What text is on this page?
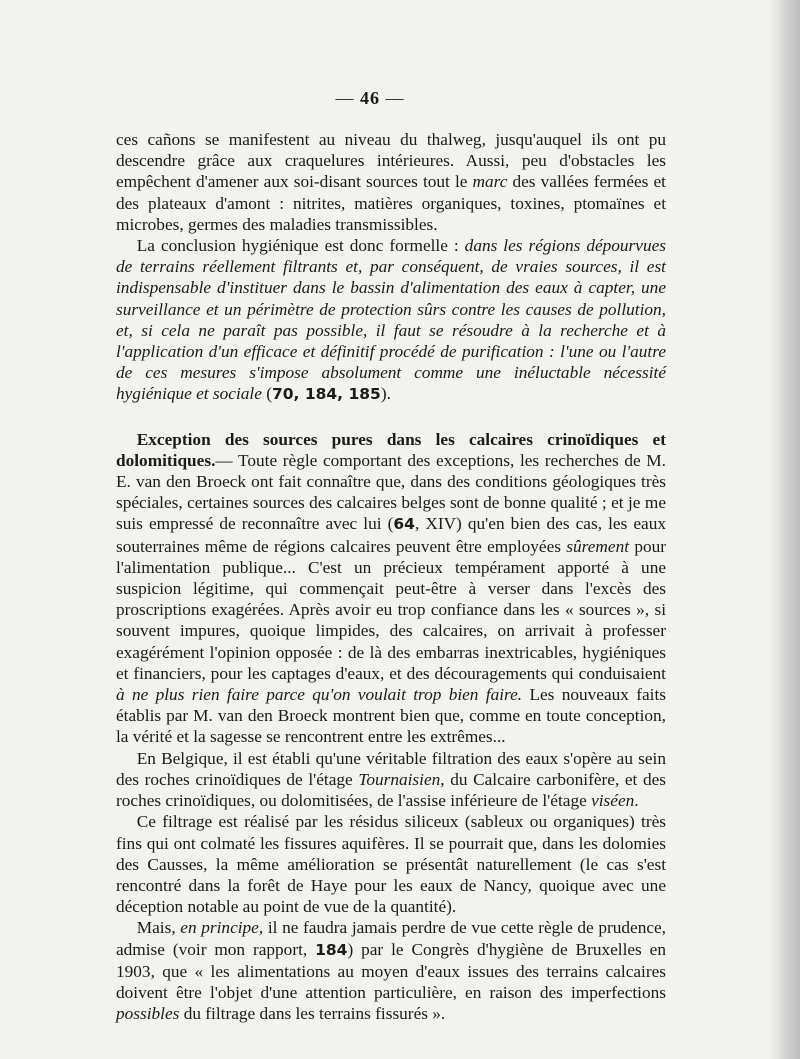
— 46 —

ces cañons se manifestent au niveau du thalweg, jusqu'auquel ils ont pu descendre grâce aux craquelures intérieures. Aussi, peu d'obstacles les empêchent d'amener aux soi-disant sources tout le marc des vallées fermées et des plateaux d'amont : nitrites, matières organiques, toxines, ptomaïnes et microbes, germes des maladies transmissibles.

La conclusion hygiénique est donc formelle : dans les régions dépourvues de terrains réellement filtrants et, par conséquent, de vraies sources, il est indispensable d'instituer dans le bassin d'alimentation des eaux à capter, une surveillance et un périmètre de protection sûrs contre les causes de pollution, et, si cela ne paraît pas possible, il faut se résoudre à la recherche et à l'application d'un efficace et définitif procédé de purification : l'une ou l'autre de ces mesures s'impose absolument comme une inéluctable nécessité hygiénique et sociale (70, 184, 185).

Exception des sources pures dans les calcaires crinoïdiques et dolomitiques.— Toute règle comportant des exceptions, les recherches de M. E. van den Broeck ont fait connaître que, dans des conditions géologiques très spéciales, certaines sources des calcaires belges sont de bonne qualité ; et je me suis empressé de reconnaître avec lui (64, XIV) qu'en bien des cas, les eaux souterraines même de régions calcaires peuvent être employées sûrement pour l'alimentation publique... C'est un précieux tempérament apporté à une suspicion légitime, qui commençait peut-être à verser dans l'excès des proscriptions exagérées. Après avoir eu trop confiance dans les « sources », si souvent impures, quoique limpides, des calcaires, on arrivait à professer exagérément l'opinion opposée : de là des embarras inextricables, hygiéniques et financiers, pour les captages d'eaux, et des découragements qui conduisaient à ne plus rien faire parce qu'on voulait trop bien faire. Les nouveaux faits établis par M. van den Broeck montrent bien que, comme en toute conception, la vérité et la sagesse se rencontrent entre les extrêmes...

En Belgique, il est établi qu'une véritable filtration des eaux s'opère au sein des roches crinoïdiques de l'étage Tournaisien, du Calcaire carbonifère, et des roches crinoïdiques, ou dolomitisées, de l'assise inférieure de l'étage viséen.

Ce filtrage est réalisé par les résidus siliceux (sableux ou organiques) très fins qui ont colmaté les fissures aquifères. Il se pourrait que, dans les dolomies des Causses, la même amélioration se présentât naturellement (le cas s'est rencontré dans la forêt de Haye pour les eaux de Nancy, quoique avec une déception notable au point de vue de la quantité).

Mais, en principe, il ne faudra jamais perdre de vue cette règle de prudence, admise (voir mon rapport, 184) par le Congrès d'hygiène de Bruxelles en 1903, que « les alimentations au moyen d'eaux issues des terrains calcaires doivent être l'objet d'une attention particulière, en raison des imperfections possibles du filtrage dans les terrains fissurés ».
